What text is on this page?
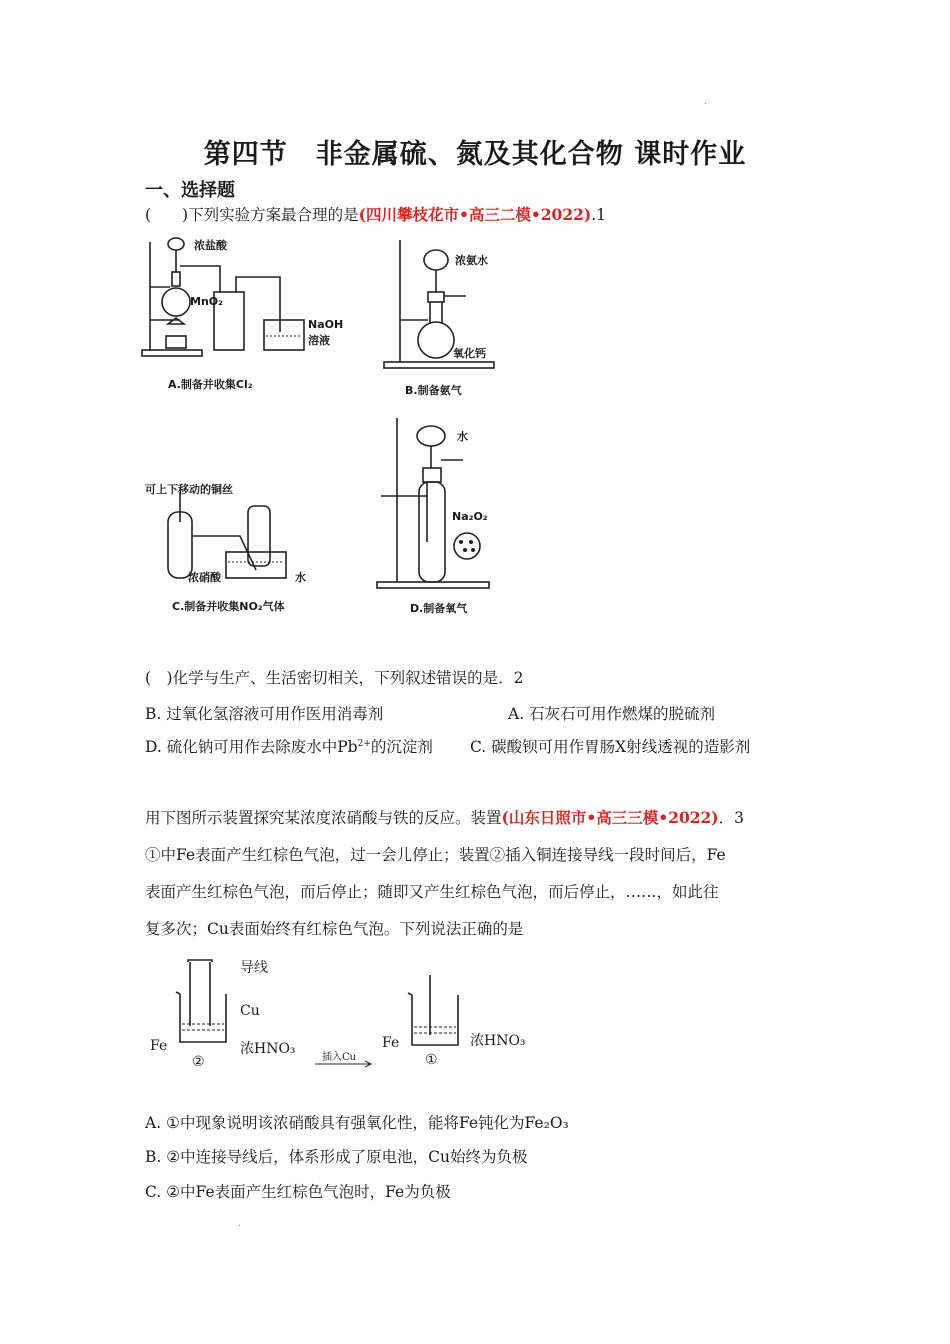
.
第四节　非金属硫、氮及其化合物 课时作业
一、选择题
(　　)下列实验方案最合理的是(四川攀枝花市•高三二模•2022).1
浓盐酸
MnO₂
NaOH
溶液
A.制备并收集Cl₂
浓氨水
氧化钙
B.制备氨气
可上下移动的铜丝
浓硝酸	水
C.制备并收集NO₂气体
水
Na₂O₂
D.制备氧气
(　)化学与生产、生活密切相关，下列叙述错误的是．2
B. 过氧化氢溶液可用作医用消毒剂	A. 石灰石可用作燃煤的脱硫剂
D. 硫化钠可用作去除废水中$Pb^{2+}$的沉淀剂 C. 碳酸钡可用作胃肠X射线透视的造影剂
用下图所示装置探究某浓度浓硝酸与铁的反应。装置(山东日照市•高三三模•2022)．3
①中Fe表面产生红棕色气泡，过一会儿停止；装置②插入铜连接导线一段时间后，Fe
表面产生红棕色气泡，而后停止；随即又产生红棕色气泡，而后停止，……，如此往
复多次；Cu表面始终有红棕色气泡。下列说法正确的是
导线
Cu
Fe	浓HNO₃
②	插入Cu
Fe	浓HNO₃
①
A. ①中现象说明该浓硝酸具有强氧化性，能将Fe钝化为Fe₂O₃
B. ②中连接导线后，体系形成了原电池，Cu始终为负极
C. ②中Fe表面产生红棕色气泡时，Fe为负极
.
